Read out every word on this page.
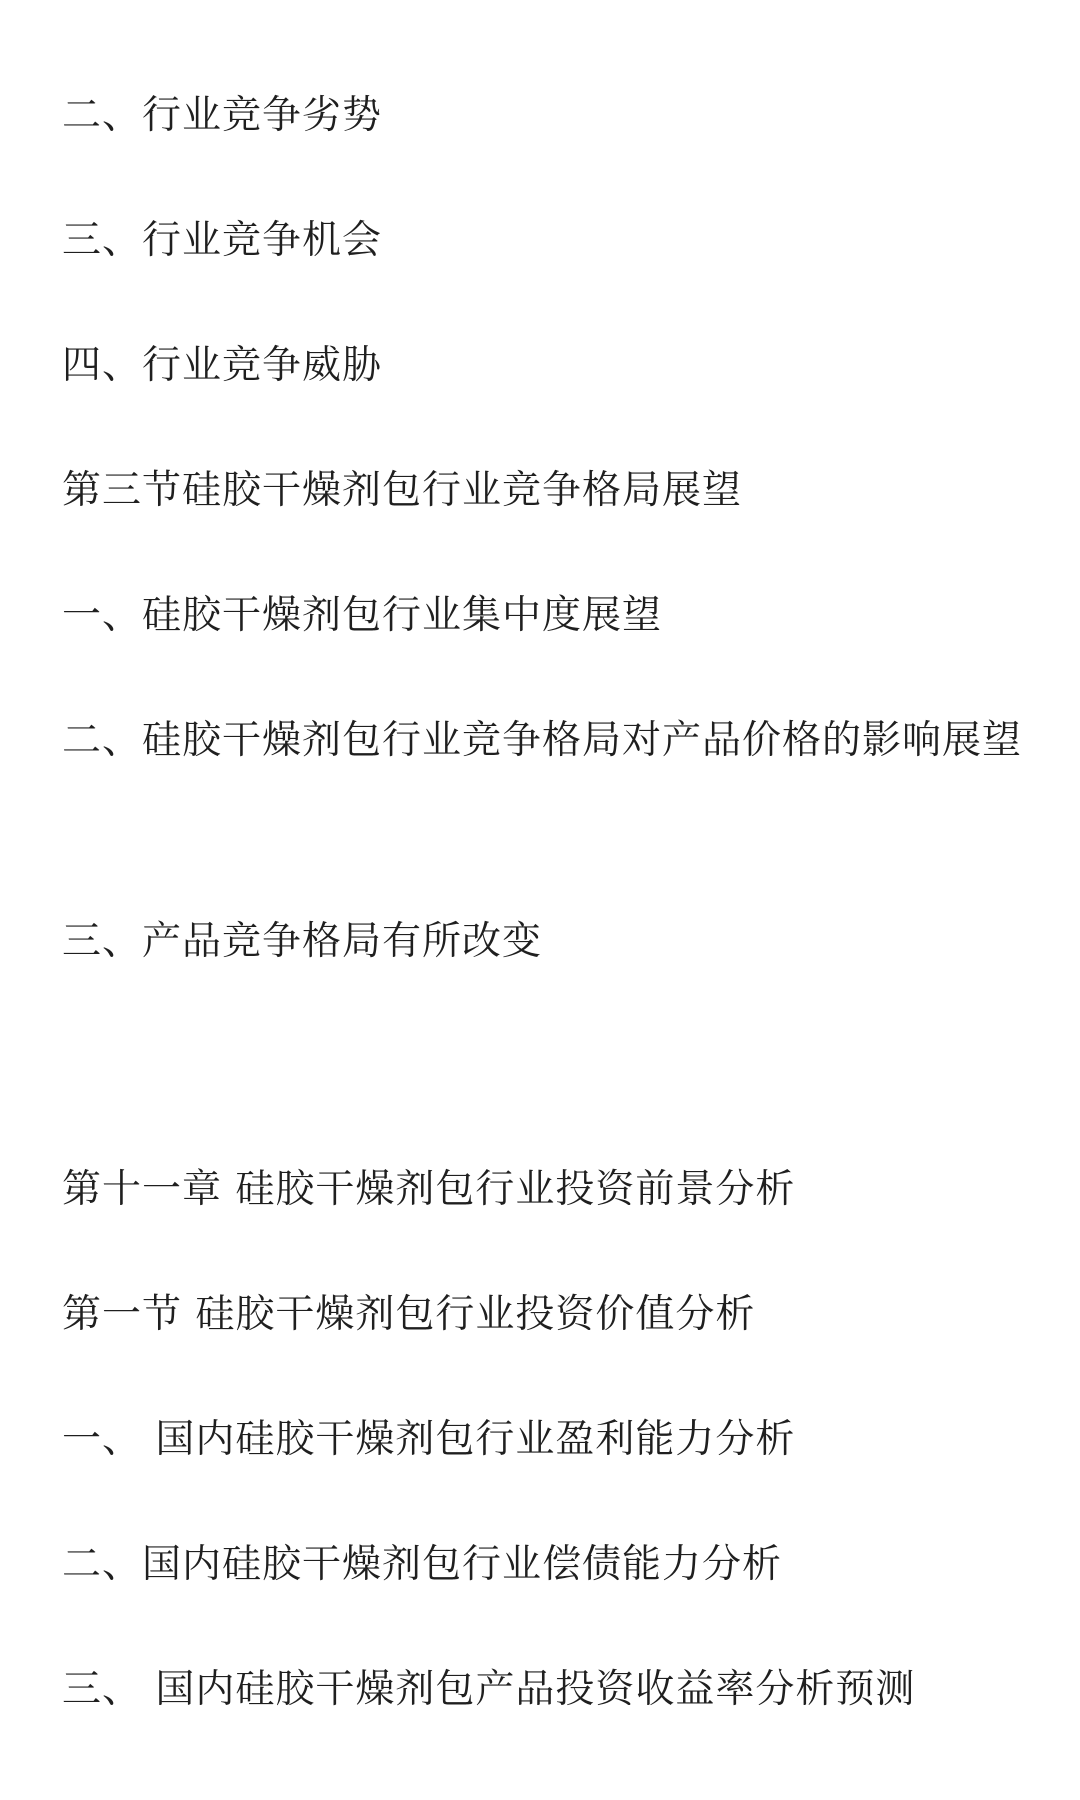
二、行业竞争劣势
三、行业竞争机会
四、行业竞争威胁
第三节硅胶干燥剂包行业竞争格局展望
一、硅胶干燥剂包行业集中度展望
二、硅胶干燥剂包行业竞争格局对产品价格的影响展望
三、产品竞争格局有所改变
第十一章 硅胶干燥剂包行业投资前景分析
第一节 硅胶干燥剂包行业投资价值分析
一、 国内硅胶干燥剂包行业盈利能力分析
二、国内硅胶干燥剂包行业偿债能力分析
三、 国内硅胶干燥剂包产品投资收益率分析预测
